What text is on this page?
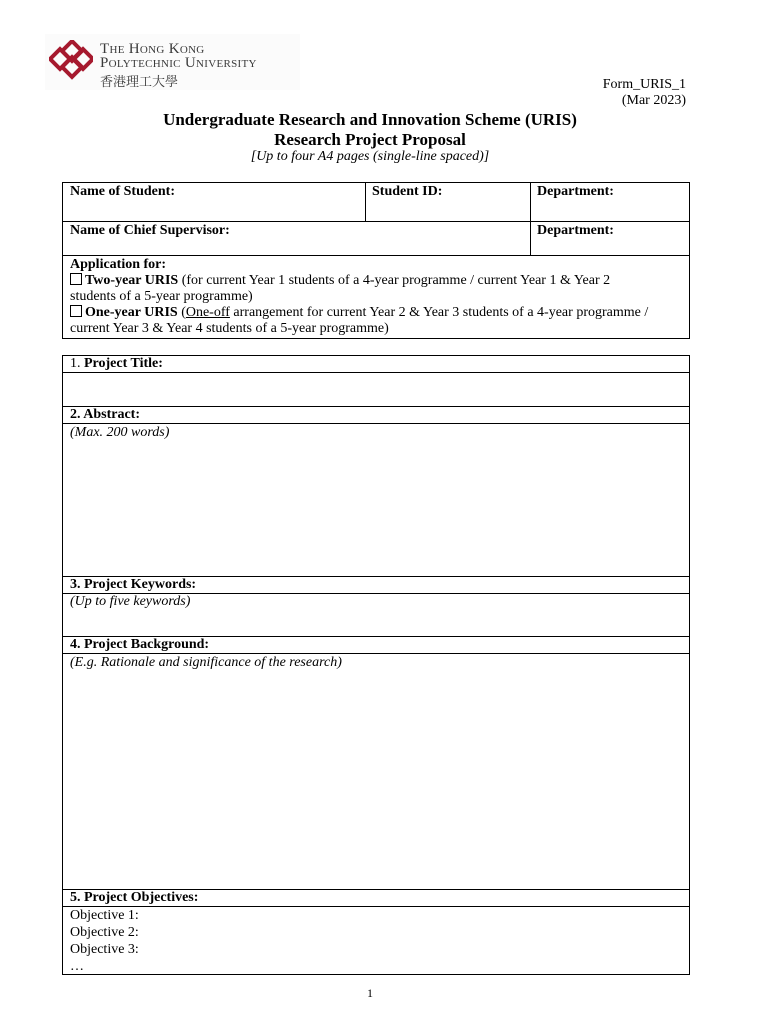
The Hong Kong
Polytechnic University
香港理工大學	Form_URIS_1
(Mar 2023)
Undergraduate Research and Innovation Scheme (URIS)
Research Project Proposal
[Up to four A4 pages (single-line spaced)]
Name of Student:	Student ID:	Department:
Name of Chief Supervisor:	Department:
Application for:
Two-year URIS (for current Year 1 students of a 4-year programme / current Year 1 & Year 2
students of a 5-year programme)
One-year URIS (One-off arrangement for current Year 2 & Year 3 students of a 4-year programme /
current Year 3 & Year 4 students of a 5-year programme)
1. Project Title:
2. Abstract:
(Max. 200 words)
3. Project Keywords:
(Up to five keywords)
4. Project Background:
(E.g. Rationale and significance of the research)
5. Project Objectives:
Objective 1:
Objective 2:
Objective 3:
…
1
